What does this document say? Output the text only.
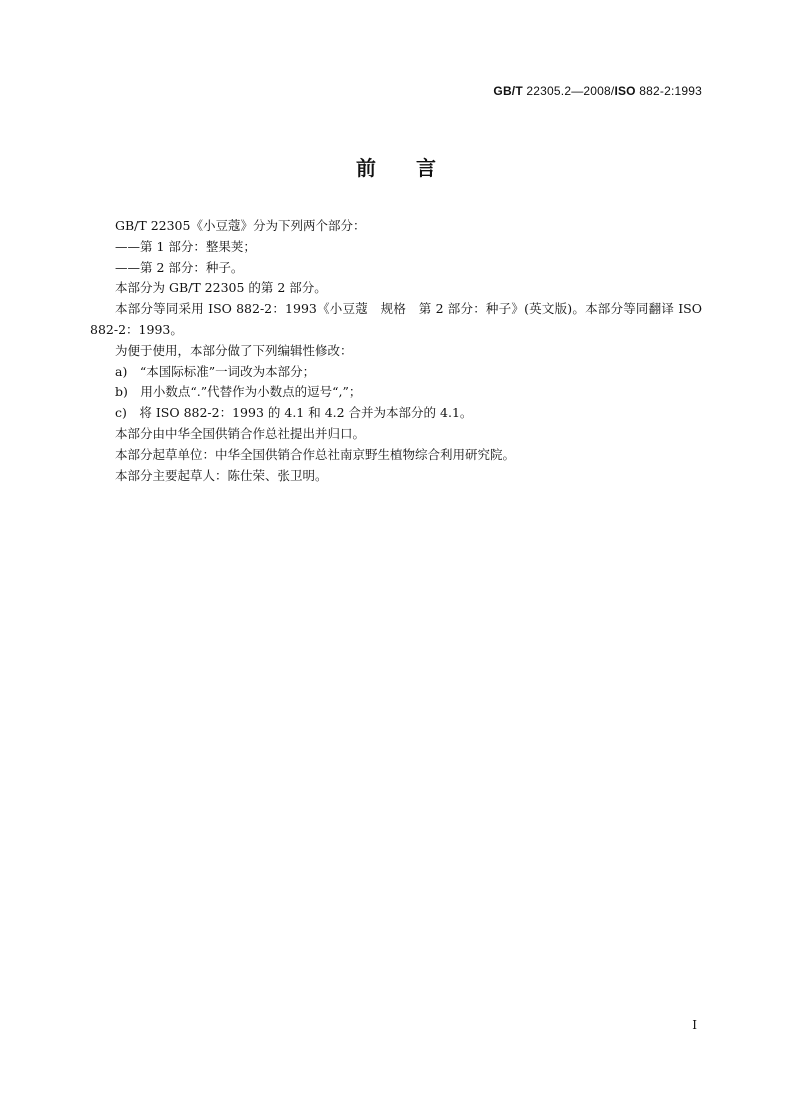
GB/T 22305.2—2008/ISO 882-2:1993
前言

GB/T 22305《小豆蔻》分为下列两个部分：

——第 1 部分：整果荚；

——第 2 部分：种子。

本部分为 GB/T 22305 的第 2 部分。

本部分等同采用 ISO 882-2：1993《小豆蔻　规格　第 2 部分：种子》(英文版)。本部分等同翻译 ISO 882-2：1993。

为便于使用，本部分做了下列编辑性修改：

a)　“本国际标准”一词改为本部分；

b)　用小数点“.”代替作为小数点的逗号“,”；

c)　将 ISO 882-2：1993 的 4.1 和 4.2 合并为本部分的 4.1。

本部分由中华全国供销合作总社提出并归口。

本部分起草单位：中华全国供销合作总社南京野生植物综合利用研究院。

本部分主要起草人：陈仕荣、张卫明。

I
